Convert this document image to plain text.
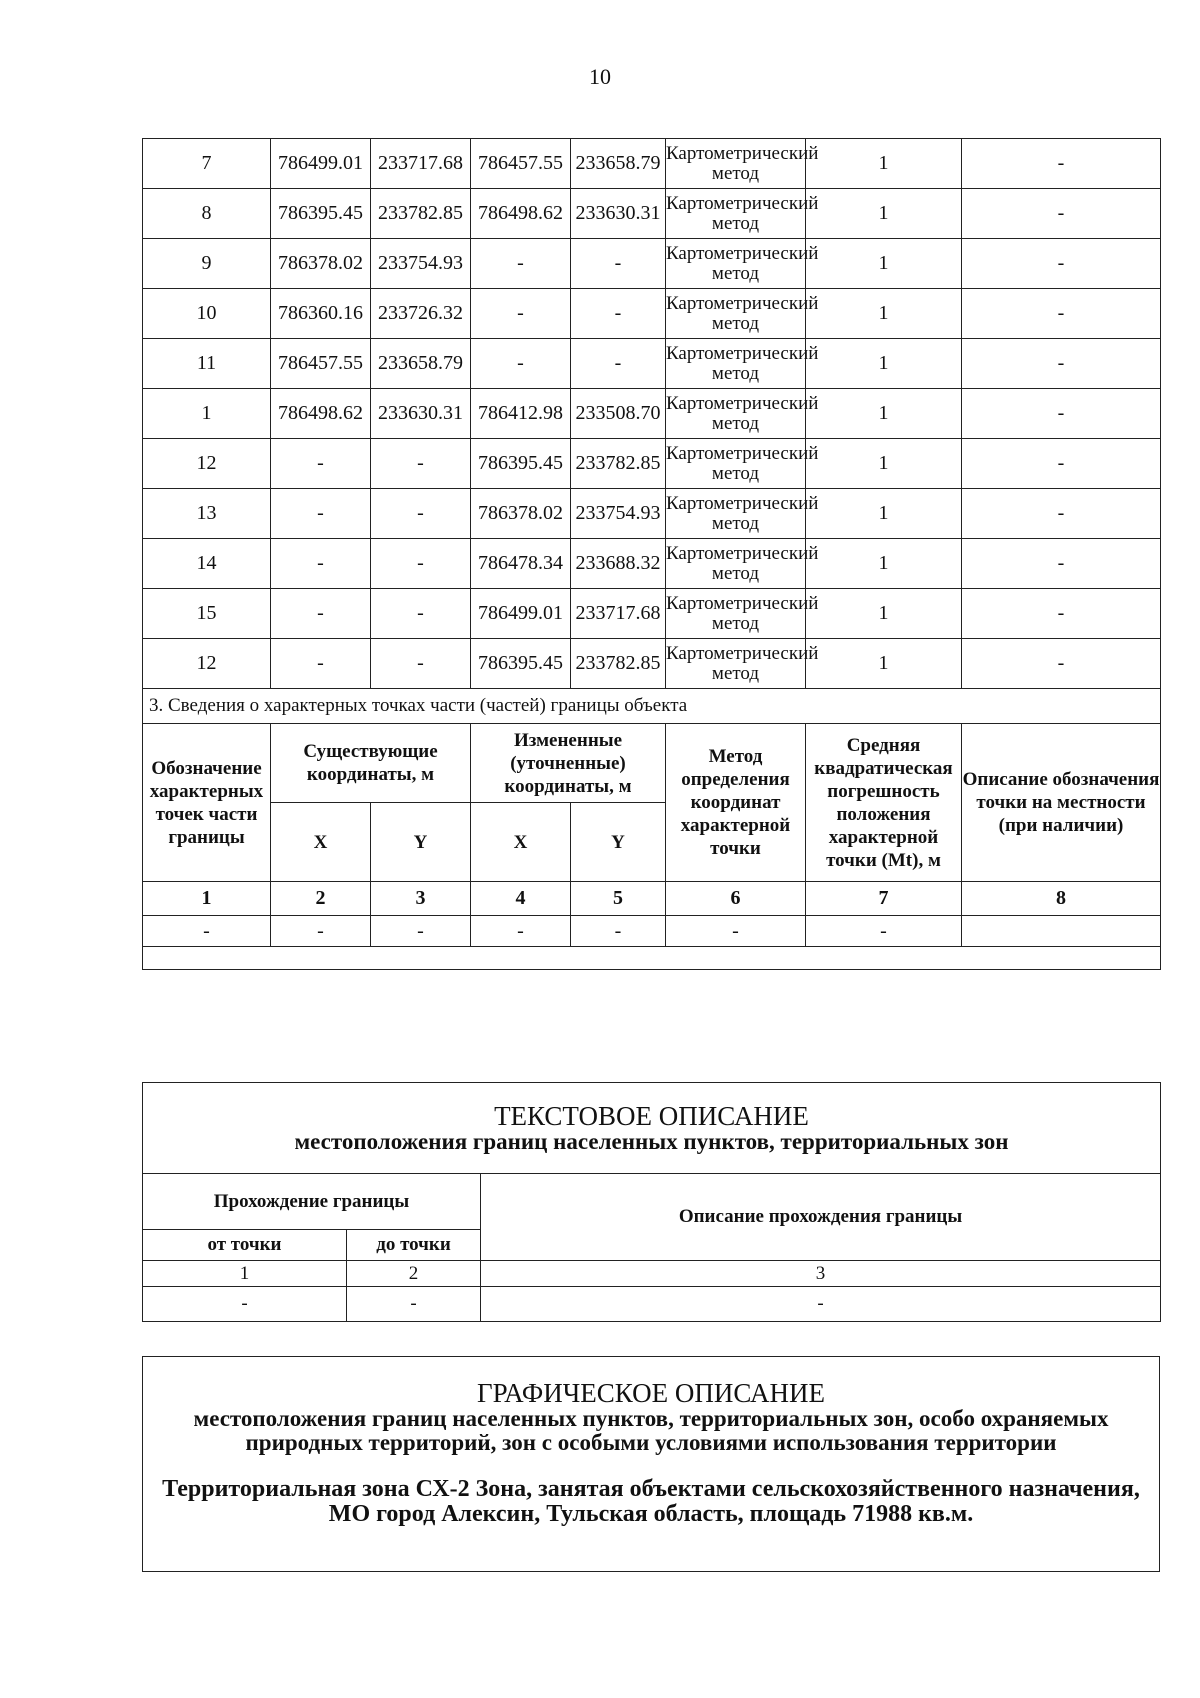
10
7	786499.01	233717.68	786457.55	233658.79	Картометрический метод	1	-
8	786395.45	233782.85	786498.62	233630.31	Картометрический метод	1	-
9	786378.02	233754.93	-	-	Картометрический метод	1	-
10	786360.16	233726.32	-	-	Картометрический метод	1	-
11	786457.55	233658.79	-	-	Картометрический метод	1	-
1	786498.62	233630.31	786412.98	233508.70	Картометрический метод	1	-
12	-	-	786395.45	233782.85	Картометрический метод	1	-
13	-	-	786378.02	233754.93	Картометрический метод	1	-
14	-	-	786478.34	233688.32	Картометрический метод	1	-
15	-	-	786499.01	233717.68	Картометрический метод	1	-
12	-	-	786395.45	233782.85	Картометрический метод	1	-
3. Сведения о характерных точках части (частей) границы объекта							
Обозначение характерных точек части границы	Существующие координаты, м		Измененные (уточненные) координаты, м		Метод определения координат характерной точки	Средняя квадратическая погрешность положения характерной точки (Mt), м	Описание обозначения точки на местности (при наличии)
	X	Y	X	Y			
1	2	3	4	5	6	7	8
-	-	-	-	-	-	-	

ТЕКСТОВОЕ ОПИСАНИЕ
местоположения границ населенных пунктов, территориальных зон		

Прохождение границы		Описание прохождения границы
от точки	до точки	
1	2	3
-	-	-
ГРАФИЧЕСКОЕ ОПИСАНИЕ
местоположения границ населенных пунктов, территориальных зон, особо охраняемых природных территорий, зон с особыми условиями использования территории
Территориальная зона СХ-2 Зона, занятая объектами сельскохозяйственного назначения, МО город Алексин, Тульская область, площадь 71988 кв.м.
